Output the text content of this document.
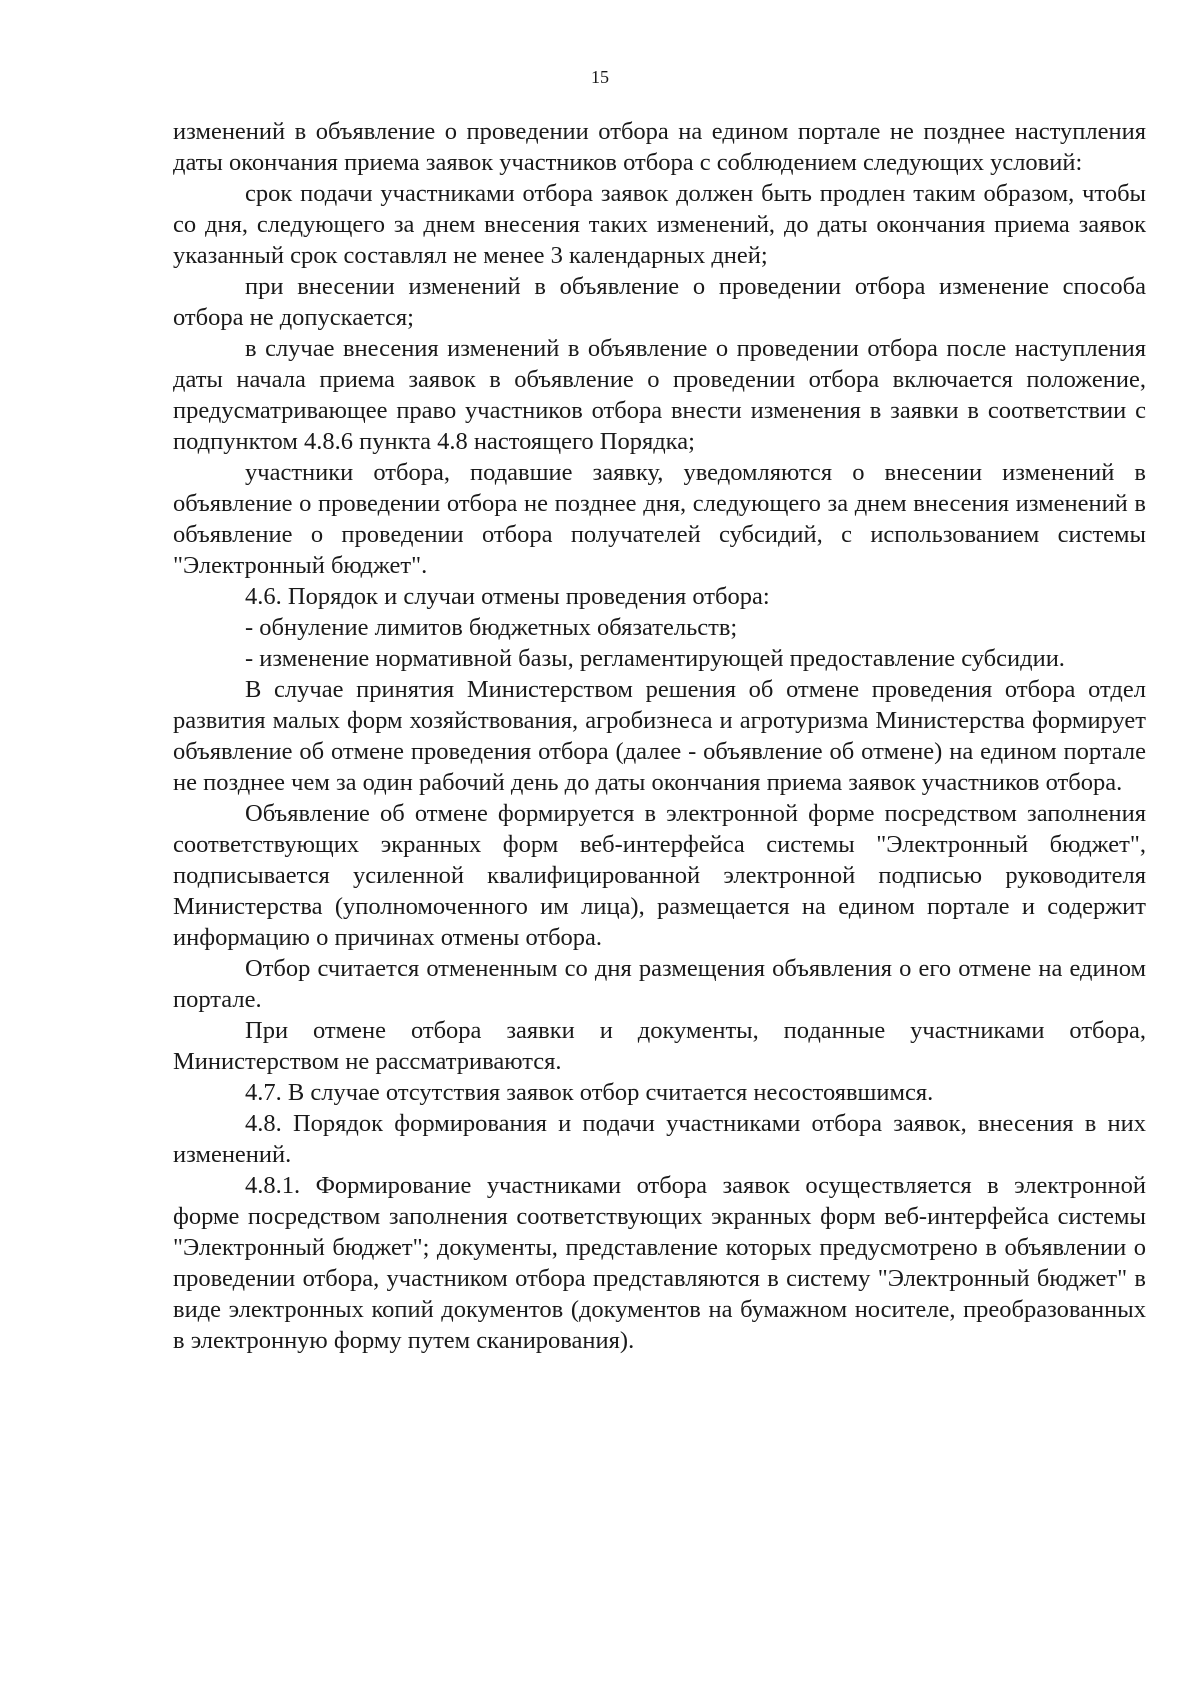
15

изменений в объявление о проведении отбора на едином портале не позднее наступления даты окончания приема заявок участников отбора с соблюдением следующих условий:

срок подачи участниками отбора заявок должен быть продлен таким образом, чтобы со дня, следующего за днем внесения таких изменений, до даты окончания приема заявок указанный срок составлял не менее 3 календарных дней;

при внесении изменений в объявление о проведении отбора изменение способа отбора не допускается;

в случае внесения изменений в объявление о проведении отбора после наступления даты начала приема заявок в объявление о проведении отбора включается положение, предусматривающее право участников отбора внести изменения в заявки в соответствии с подпунктом 4.8.6 пункта 4.8 настоящего Порядка;

участники отбора, подавшие заявку, уведомляются о внесении изменений в объявление о проведении отбора не позднее дня, следующего за днем внесения изменений в объявление о проведении отбора получателей субсидий, с использованием системы "Электронный бюджет".

4.6. Порядок и случаи отмены проведения отбора:

- обнуление лимитов бюджетных обязательств;

- изменение нормативной базы, регламентирующей предоставление субсидии.

В случае принятия Министерством решения об отмене проведения отбора отдел развития малых форм хозяйствования, агробизнеса и агротуризма Министерства формирует объявление об отмене проведения отбора (далее - объявление об отмене) на едином портале не позднее чем за один рабочий день до даты окончания приема заявок участников отбора.

Объявление об отмене формируется в электронной форме посредством заполнения соответствующих экранных форм веб-интерфейса системы "Электронный бюджет", подписывается усиленной квалифицированной электронной подписью руководителя Министерства (уполномоченного им лица), размещается на едином портале и содержит информацию о причинах отмены отбора.

Отбор считается отмененным со дня размещения объявления о его отмене на едином портале.

При отмене отбора заявки и документы, поданные участниками отбора, Министерством не рассматриваются.

4.7. В случае отсутствия заявок отбор считается несостоявшимся.

4.8. Порядок формирования и подачи участниками отбора заявок, внесения в них изменений.

4.8.1. Формирование участниками отбора заявок осуществляется в электронной форме посредством заполнения соответствующих экранных форм веб-интерфейса системы "Электронный бюджет"; документы, представление которых предусмотрено в объявлении о проведении отбора, участником отбора представляются в систему "Электронный бюджет" в виде электронных копий документов (документов на бумажном носителе, преобразованных в электронную форму путем сканирования).
